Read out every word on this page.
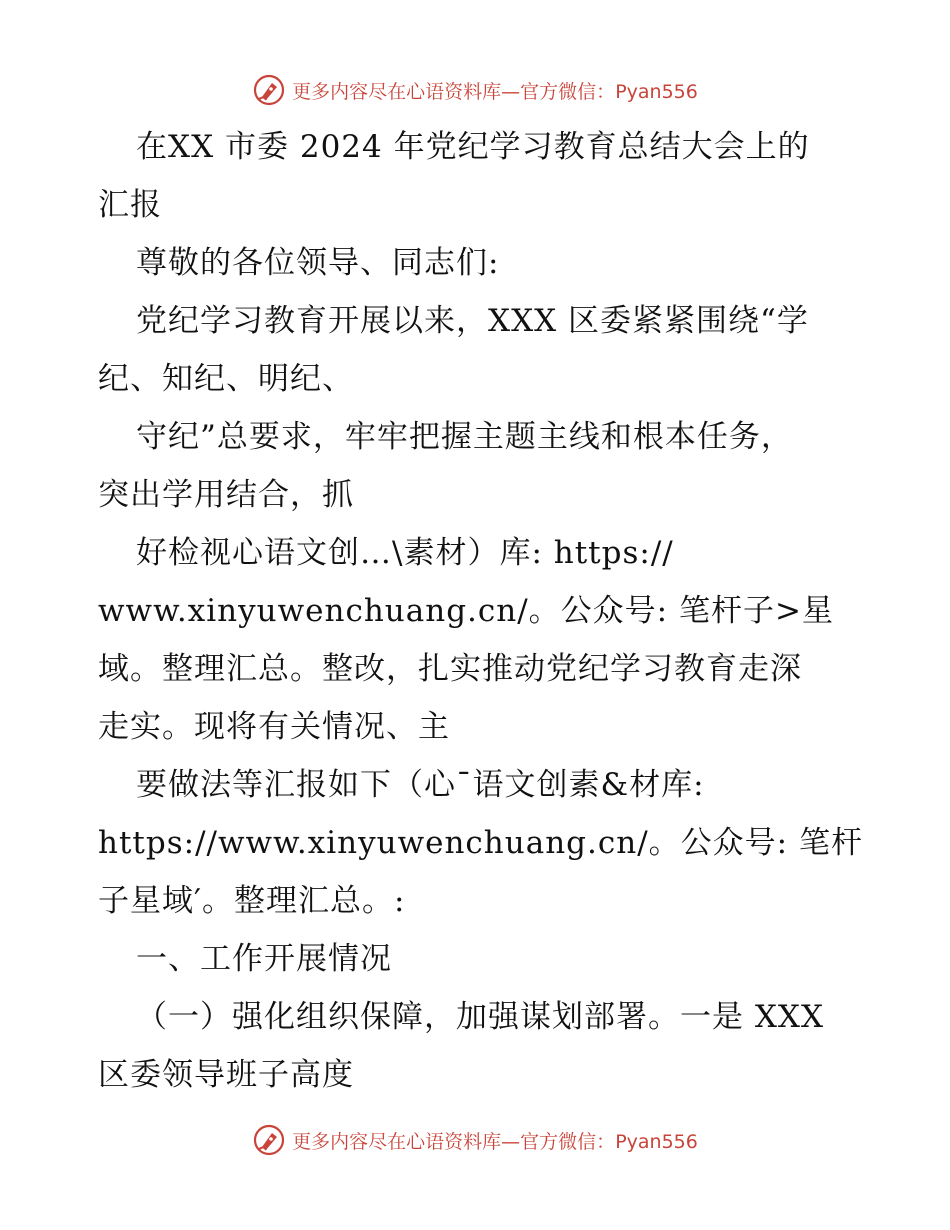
更多内容尽在心语资料库—官方微信：Pyan556
在XX 市委 2024 年党纪学习教育总结大会上的
汇报
尊敬的各位领导、同志们:
党纪学习教育开展以来，XXX 区委紧紧围绕“学
纪、知纪、明纪、
守纪”总要求，牢牢把握主题主线和根本任务，
突出学用结合，抓
好检视心语文创…\素材）库: https://
www.xinyuwenchuang.cn/。公众号: 笔杆子>星
域。整理汇总。整改，扎实推动党纪学习教育走深
走实。现将有关情况、主
要做法等汇报如下（心¯语文创素&材库:
https://www.xinyuwenchuang.cn/。公众号: 笔杆
子星域′。整理汇总。:
一、工作开展情况
（一）强化组织保障，加强谋划部署。一是 XXX
区委领导班子高度
更多内容尽在心语资料库—官方微信：Pyan556
